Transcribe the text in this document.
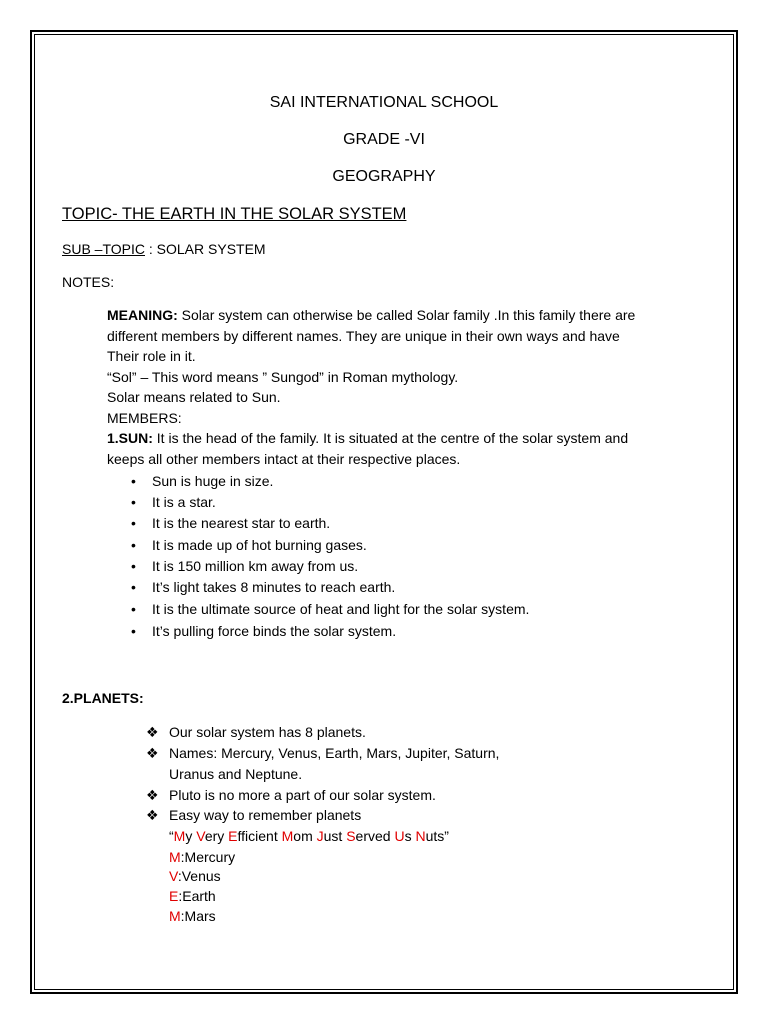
SAI INTERNATIONAL SCHOOL
GRADE -VI
GEOGRAPHY
TOPIC- THE EARTH IN THE SOLAR SYSTEM
SUB –TOPIC : SOLAR SYSTEM
NOTES:
MEANING: Solar system can otherwise be called Solar family .In this family there are
different members by different names. They are unique in their own ways and have
Their role in it.
“Sol” – This word means ” Sungod” in Roman mythology.
Solar means related to Sun.
MEMBERS:
1.SUN: It is the head of the family. It is situated at the centre of the solar system and
keeps all other members intact at their respective places.
• Sun is huge in size.
• It is a star.
• It is the nearest star to earth.
• It is made up of hot burning gases.
• It is 150 million km away from us.
• It’s light takes 8 minutes to reach earth.
• It is the ultimate source of heat and light for the solar system.
• It’s pulling force binds the solar system.
2.PLANETS:
❖ Our solar system has 8 planets.
❖ Names: Mercury, Venus, Earth, Mars, Jupiter, Saturn,
Uranus and Neptune.
❖ Pluto is no more a part of our solar system.
❖ Easy way to remember planets
“My Very Efficient Mom Just Served Us Nuts”
M:Mercury
V:Venus
E:Earth
M:Mars
